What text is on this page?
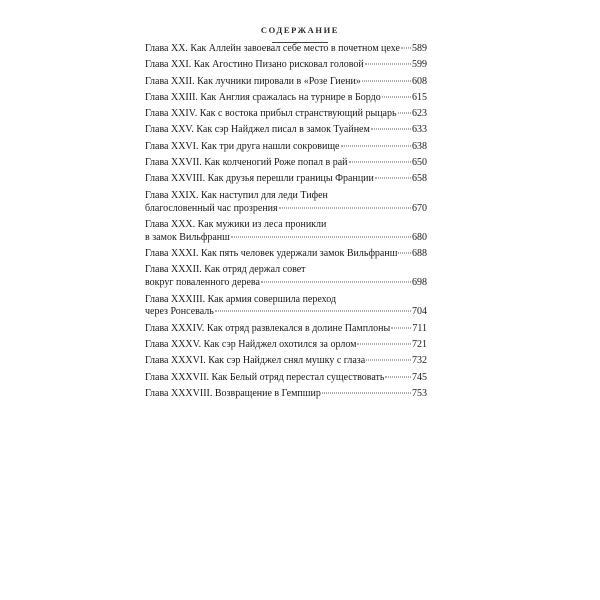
СОДЕРЖАНИЕ
Глава XX. Как Аллейн завоевал себе место в почетном цехе 589
Глава XXI. Как Агостино Пизано рисковал головой	599
Глава XXII. Как лучники пировали в «Розе Гиени»	608
Глава XXIII. Как Англия сражалась на турнире в Бордо	615
Глава XXIV. Как с востока прибыл странствующий рыцарь 623
Глава XXV. Как сэр Найджел писал в замок Туайнем	633
Глава XXVI. Как три друга нашли сокровище	638
Глава XXVII. Как колченогий Роже попал в рай	650
Глава XXVIII. Как друзья перешли границы Франции	658
Глава XXIX. Как наступил для леди Тифен
благословенный час прозрения	670
Глава XXX. Как мужики из леса проникли
в замок Вильфранш	680
Глава XXXI. Как пять человек удержали замок Вильфранш 688
Глава XXXII. Как отряд держал совет
вокруг поваленного дерева	698
Глава XXXIII. Как армия совершила переход
через Ронсеваль	704
Глава XXXIV. Как отряд развлекался в долине Памплоны 711
Глава XXXV. Как сэр Найджел охотился за орлом	721
Глава XXXVI. Как сэр Найджел снял мушку с глаза	732
Глава XXXVII. Как Белый отряд перестал существовать	745
Глава XXXVIII. Возвращение в Гемпшир	753
